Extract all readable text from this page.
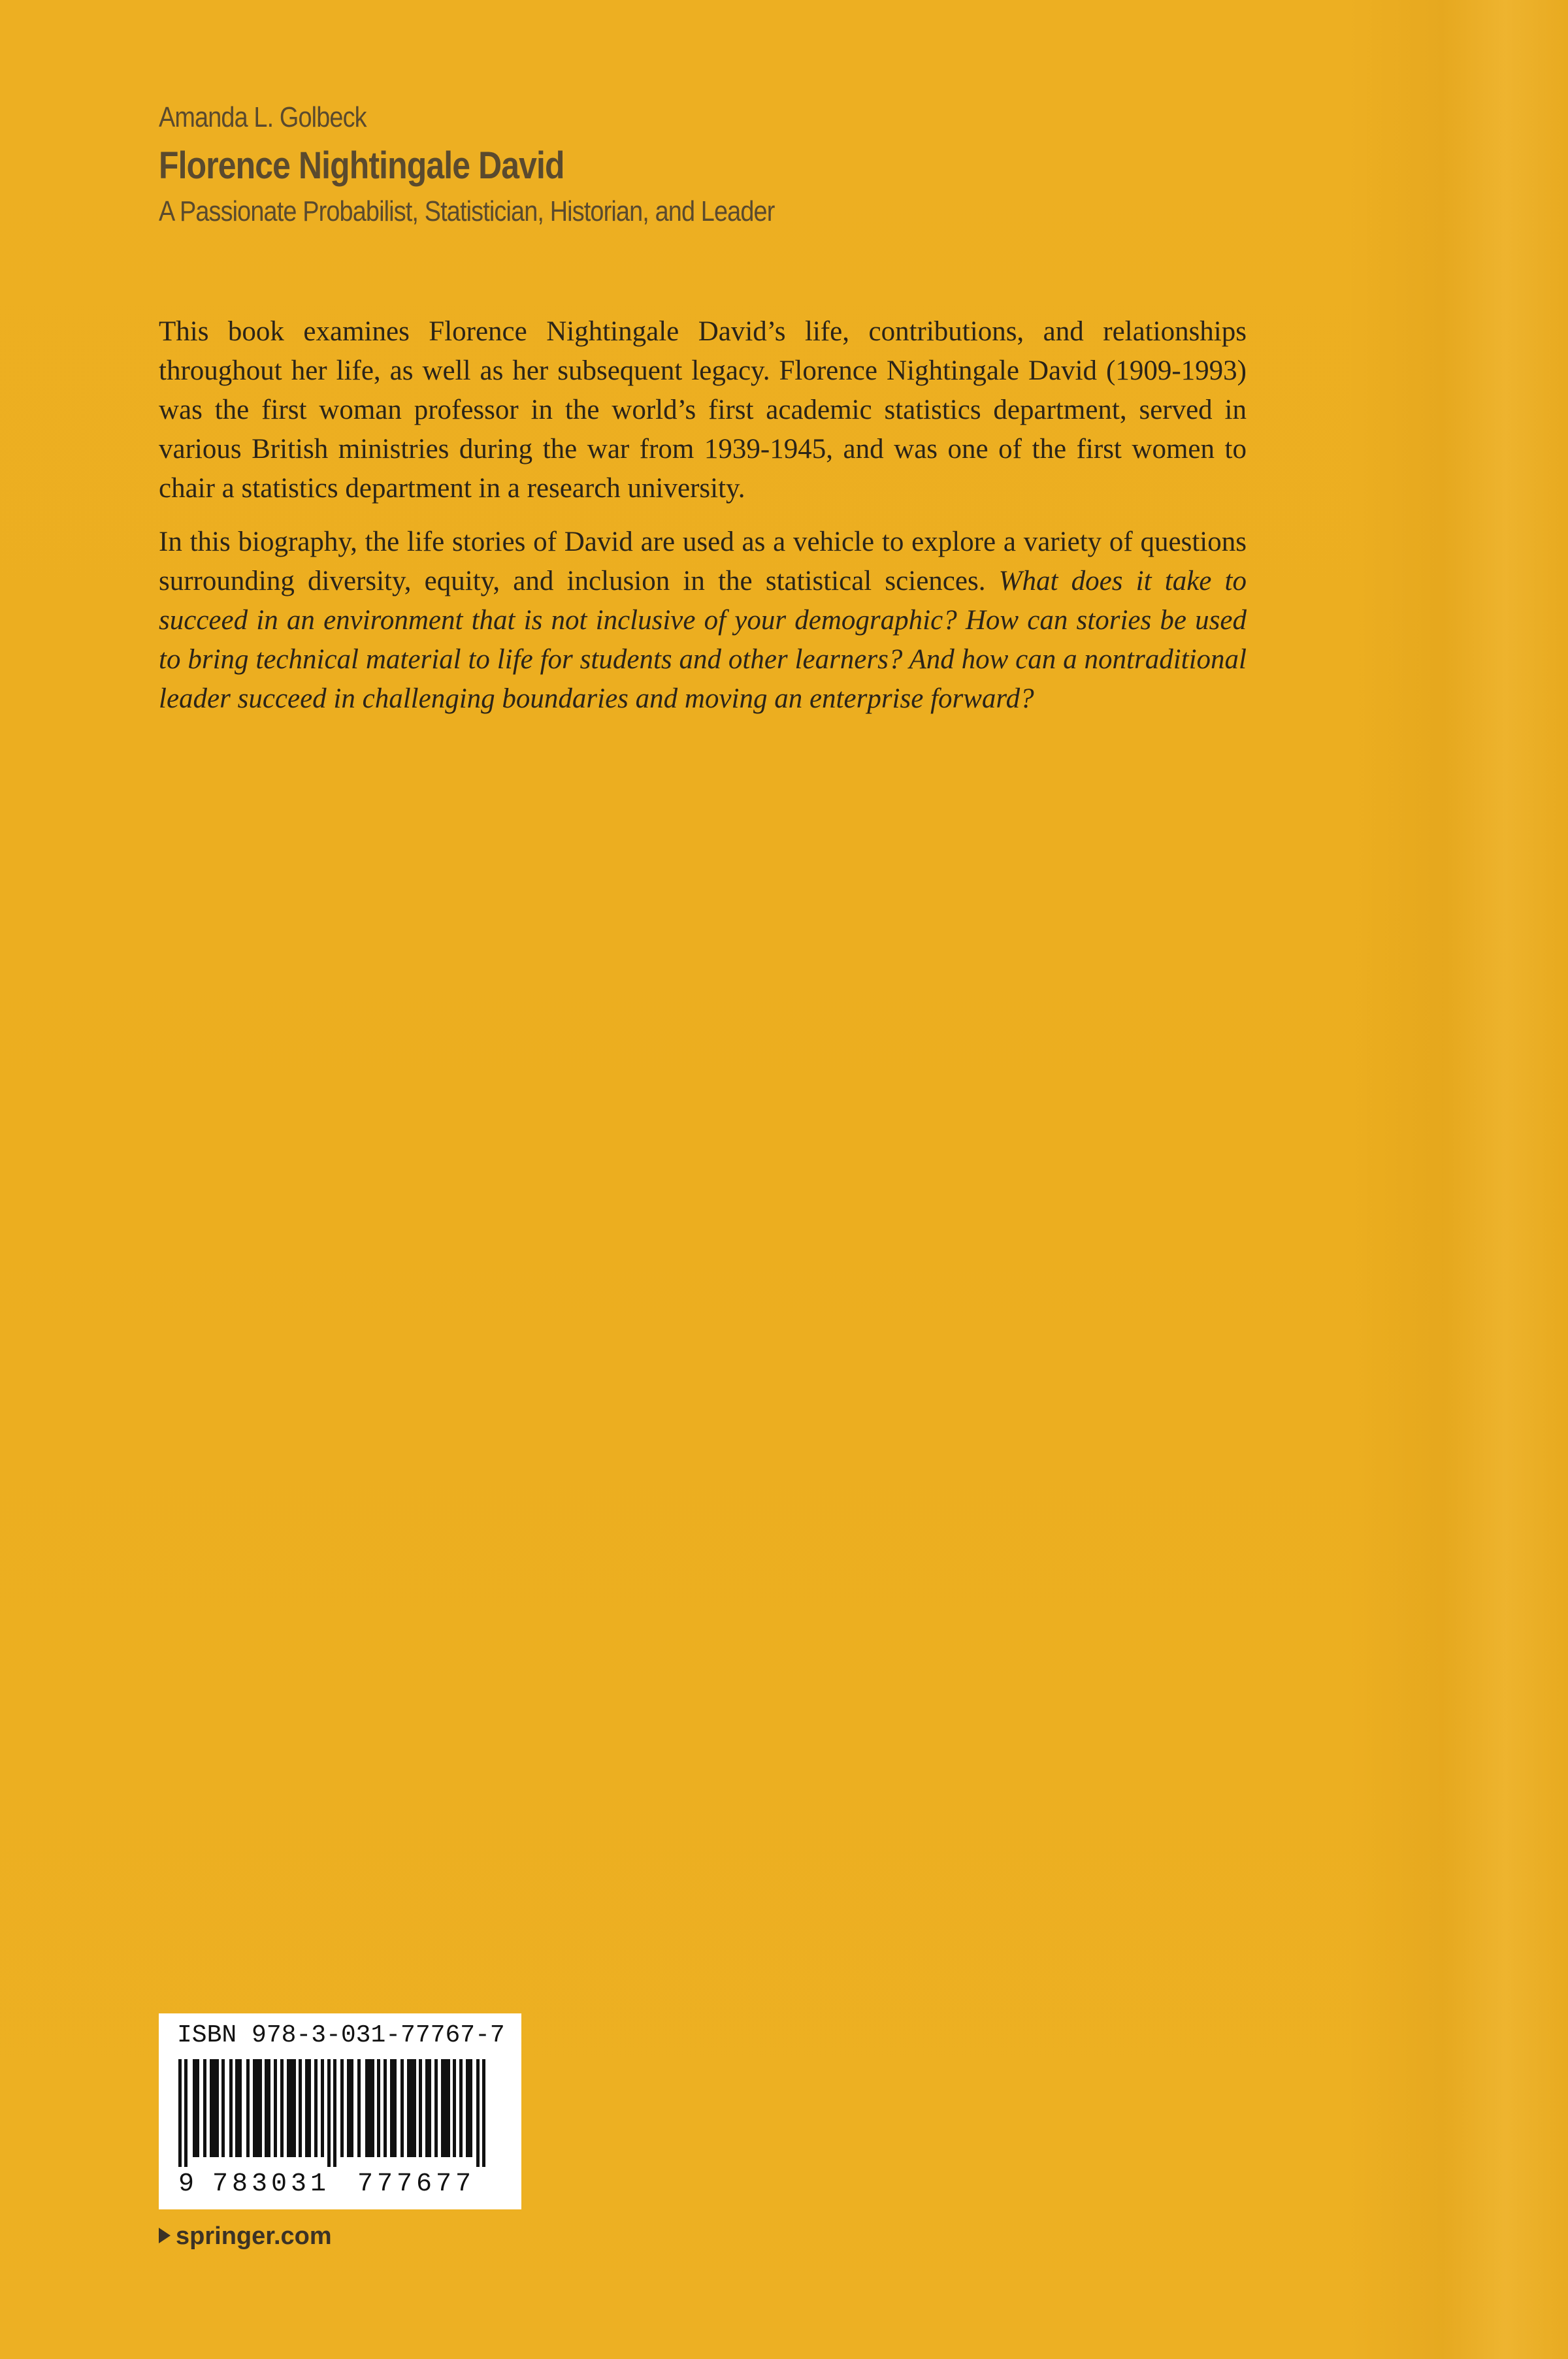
Amanda L. Golbeck
Florence Nightingale David
A Passionate Probabilist, Statistician, Historian, and Leader

This book examines Florence Nightingale David’s life, contributions, and relationships throughout her life, as well as her subsequent legacy. Florence Nightingale David (1909-1993) was the first woman professor in the world’s first academic statistics department, served in various British ministries during the war from 1939-1945, and was one of the first women to chair a statistics department in a research university.

In this biography, the life stories of David are used as a vehicle to explore a variety of questions surrounding diversity, equity, and inclusion in the statistical sciences. What does it take to succeed in an environment that is not inclusive of your demographic? How can stories be used to bring technical material to life for students and other learners? And how can a nontraditional leader succeed in challenging boundaries and moving an enterprise forward?

ISBN 978-3-031-77767-7
9 783031 777677
springer.com
